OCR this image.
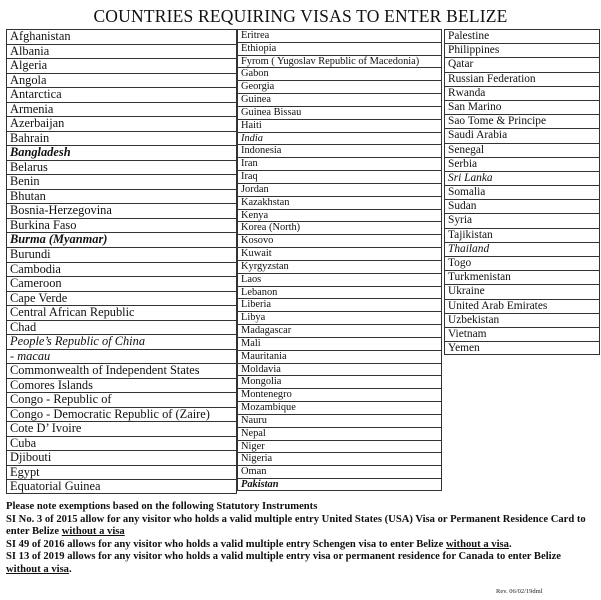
COUNTRIES REQUIRING VISAS TO ENTER BELIZE
Afghanistan
Albania
Algeria
Angola
Antarctica
Armenia
Azerbaijan
Bahrain
Bangladesh
Belarus
Benin
Bhutan
Bosnia-Herzegovina
Burkina Faso
Burma (Myanmar)
Burundi
Cambodia
Cameroon
Cape Verde
Central African Republic
Chad
People’s Republic of China
- macau
Commonwealth of Independent States
Comores Islands
Congo - Republic of
Congo - Democratic Republic of (Zaire)
Cote D’ Ivoire
Cuba
Djibouti
Egypt
Equatorial Guinea
Eritrea
Ethiopia
Fyrom ( Yugoslav Republic of Macedonia)
Gabon
Georgia
Guinea
Guinea Bissau
Haiti
India
Indonesia
Iran
Iraq
Jordan
Kazakhstan
Kenya
Korea (North)
Kosovo
Kuwait
Kyrgyzstan
Laos
Lebanon
Liberia
Libya
Madagascar
Mali
Mauritania
Moldavia
Mongolia
Montenegro
Mozambique
Nauru
Nepal
Niger
Nigeria
Oman
Pakistan
Palestine
Philippines
Qatar
Russian Federation
Rwanda
San Marino
Sao Tome & Principe
Saudi Arabia
Senegal
Serbia
Sri Lanka
Somalia
Sudan
Syria
Tajikistan
Thailand
Togo
Turkmenistan
Ukraine
United Arab Emirates
Uzbekistan
Vietnam
Yemen

Please note exemptions based on the following Statutory Instruments

SI No. 3 of 2015 allow for any visitor who holds a valid multiple entry United States (USA) Visa or Permanent Residence Card to enter Belize without a visa

SI 49 of 2016 allows for any visitor who holds a valid multiple entry Schengen visa to enter Belize without a visa.

SI 13 of 2019 allows for any visitor who holds a valid multiple entry visa or permanent residence for Canada to enter Belize without a visa.

Rev. 06/02/19dml
